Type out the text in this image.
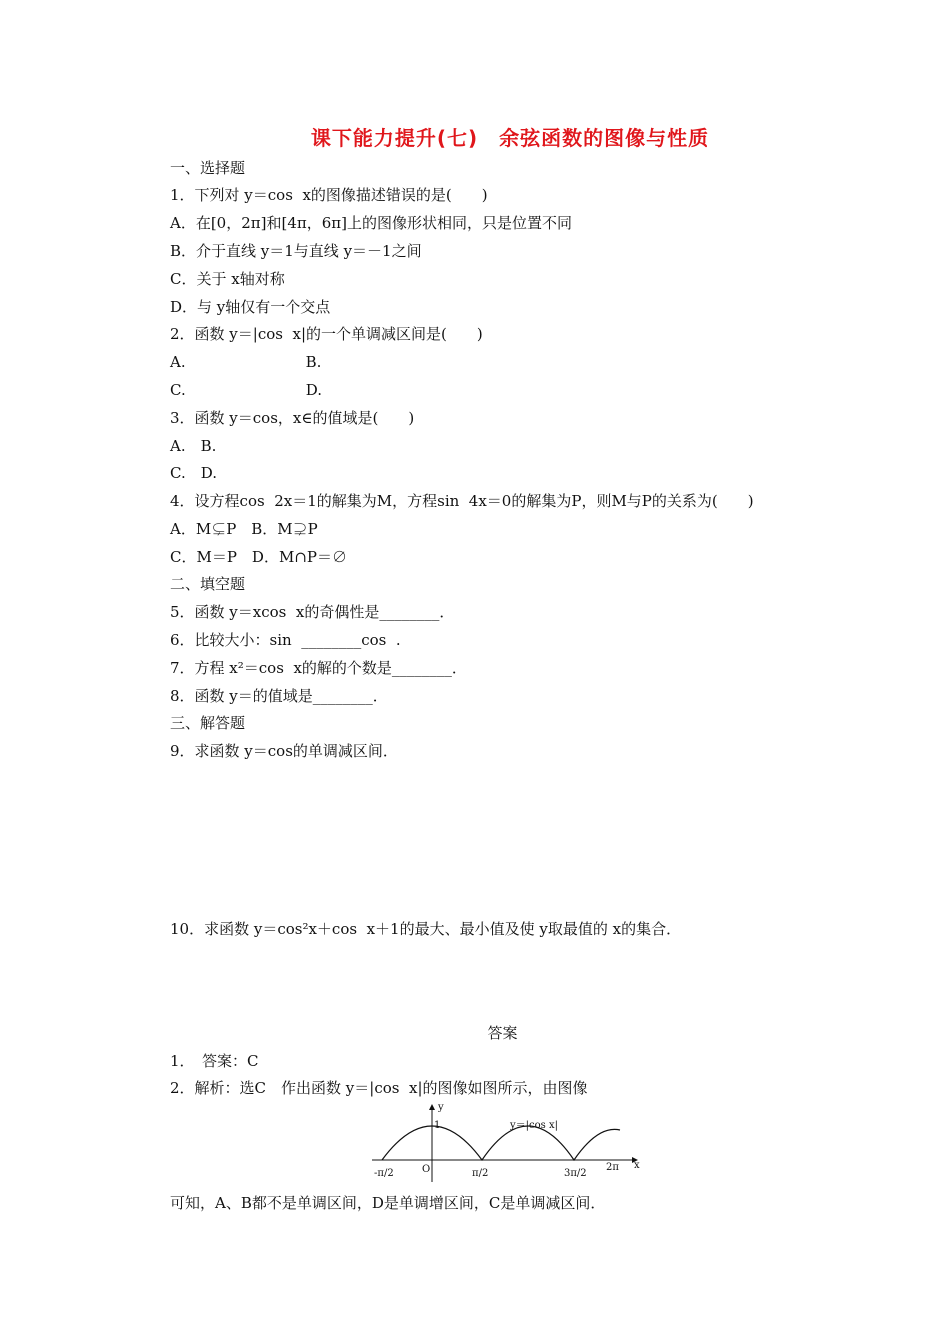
课下能力提升(七)　余弦函数的图像与性质
一、选择题
1．下列对 y＝cos  x的图像描述错误的是(　　)
A．在[0，2π]和[4π，6π]上的图像形状相同，只是位置不同
B．介于直线 y＝1与直线 y＝－1之间
C．关于 x轴对称
D．与 y轴仅有一个交点
2．函数 y＝|cos  x|的一个单调减区间是(　　)
A.　　　　　　　　B.
C.　　　　　　　　D.
3．函数 y＝cos，x∈的值域是(　　)
A.　B.
C.　D.
4．设方程cos  2x＝1的解集为M，方程sin  4x＝0的解集为P，则M与P的关系为(　　)
A．M⊊P　B．M⊋P
C．M＝P　D．M∩P＝∅
二、填空题
5．函数 y＝xcos  x的奇偶性是________．
6．比较大小：sin  ________cos  .
7．方程 x²＝cos  x的解的个数是________．
8．函数 y＝的值域是________．
三、解答题
9．求函数 y＝cos的单调减区间．
10．求函数 y＝cos²x＋cos  x＋1的最大、最小值及使 y取最值的 x的集合．
答案
1．　答案：C
2．解析：选C　作出函数 y＝|cos  x|的图像如图所示，由图像
y
x
1
O
y＝|cos x|
-π/2	π/2	3π/2
2π
可知，A、B都不是单调区间，D是单调增区间，C是单调减区间．
